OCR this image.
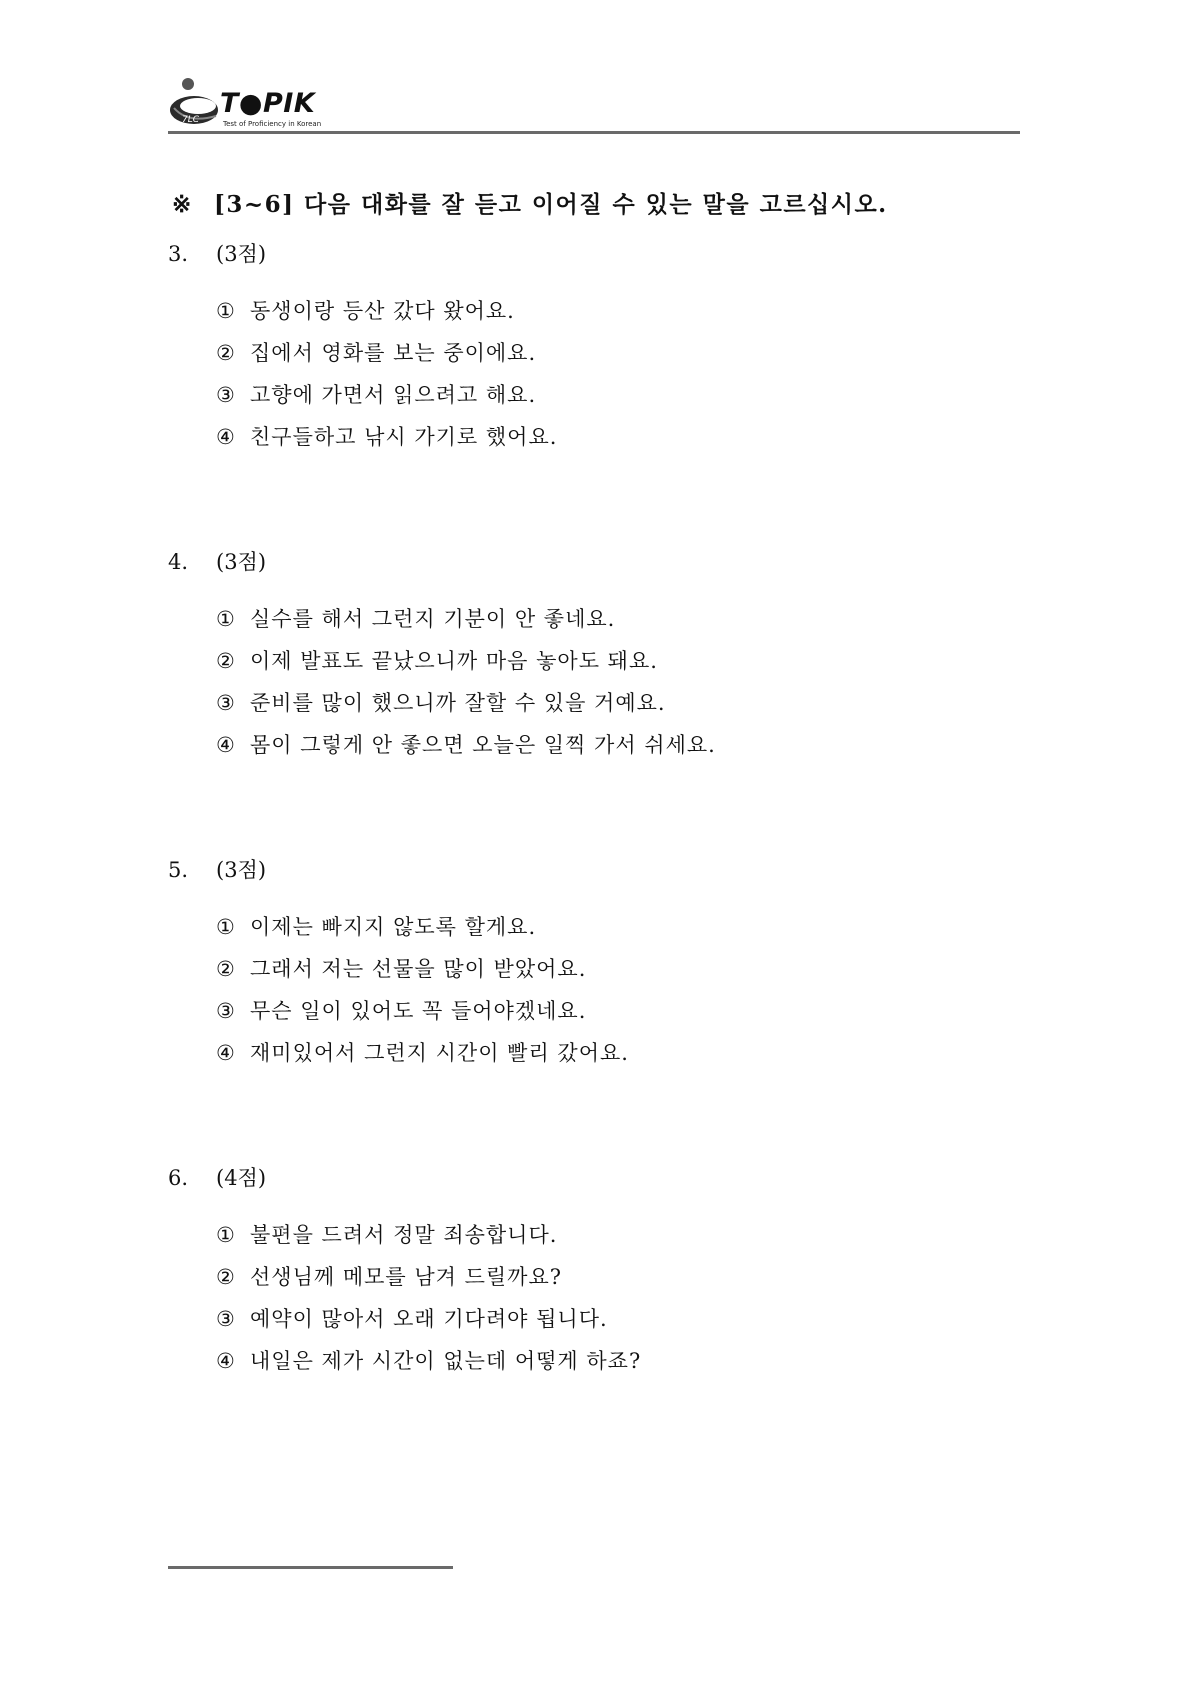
7LC
T●PIK
Test of Proficiency in Korean
※ [3~6] 다음 대화를 잘 듣고 이어질 수 있는 말을 고르십시오.
3. (3점)
① 동생이랑 등산 갔다 왔어요.
② 집에서 영화를 보는 중이에요.
③ 고향에 가면서 읽으려고 해요.
④ 친구들하고 낚시 가기로 했어요.
4. (3점)
① 실수를 해서 그런지 기분이 안 좋네요.
② 이제 발표도 끝났으니까 마음 놓아도 돼요.
③ 준비를 많이 했으니까 잘할 수 있을 거예요.
④ 몸이 그렇게 안 좋으면 오늘은 일찍 가서 쉬세요.
5. (3점)
① 이제는 빠지지 않도록 할게요.
② 그래서 저는 선물을 많이 받았어요.
③ 무슨 일이 있어도 꼭 들어야겠네요.
④ 재미있어서 그런지 시간이 빨리 갔어요.
6. (4점)
① 불편을 드려서 정말 죄송합니다.
② 선생님께 메모를 남겨 드릴까요?
③ 예약이 많아서 오래 기다려야 됩니다.
④ 내일은 제가 시간이 없는데 어떻게 하죠?
